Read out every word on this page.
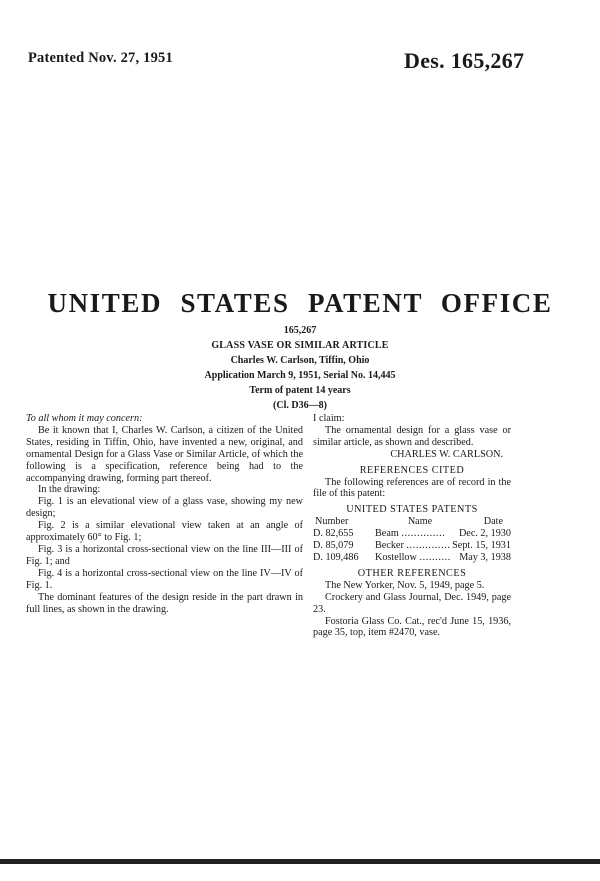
Patented Nov. 27, 1951	Des. 165,267
UNITED STATES PATENT OFFICE
165,267
GLASS VASE OR SIMILAR ARTICLE
Charles W. Carlson, Tiffin, Ohio
Application March 9, 1951, Serial No. 14,445
Term of patent 14 years
(Cl. D36—8)

To all whom it may concern:

Be it known that I, Charles W. Carlson, a citizen of the United States, residing in Tiffin, Ohio, have invented a new, original, and ornamental Design for a Glass Vase or Similar Article, of which the following is a specification, reference being had to the accompanying drawing, forming part thereof.

In the drawing:

Fig. 1 is an elevational view of a glass vase, showing my new design;

Fig. 2 is a similar elevational view taken at an angle of approximately 60° to Fig. 1;

Fig. 3 is a horizontal cross-sectional view on the line III—III of Fig. 1; and

Fig. 4 is a horizontal cross-sectional view on the line IV—IV of Fig. 1.

The dominant features of the design reside in the part drawn in full lines, as shown in the drawing.

I claim:

The ornamental design for a glass vase or similar article, as shown and described.

CHARLES W. CARLSON.

REFERENCES CITED

The following references are of record in the file of this patent:

UNITED STATES PATENTS

Number	Name	Date
D. 82,655	Beam ..............	Dec. 2, 1930
D. 85,079	Becker .............. Sept. 15, 1931
D. 109,486	Kostellow .......... May 3, 1938

OTHER REFERENCES

The New Yorker, Nov. 5, 1949, page 5.

Crockery and Glass Journal, Dec. 1949, page 23.

Fostoria Glass Co. Cat., rec'd June 15, 1936, page 35, top, item #2470, vase.
